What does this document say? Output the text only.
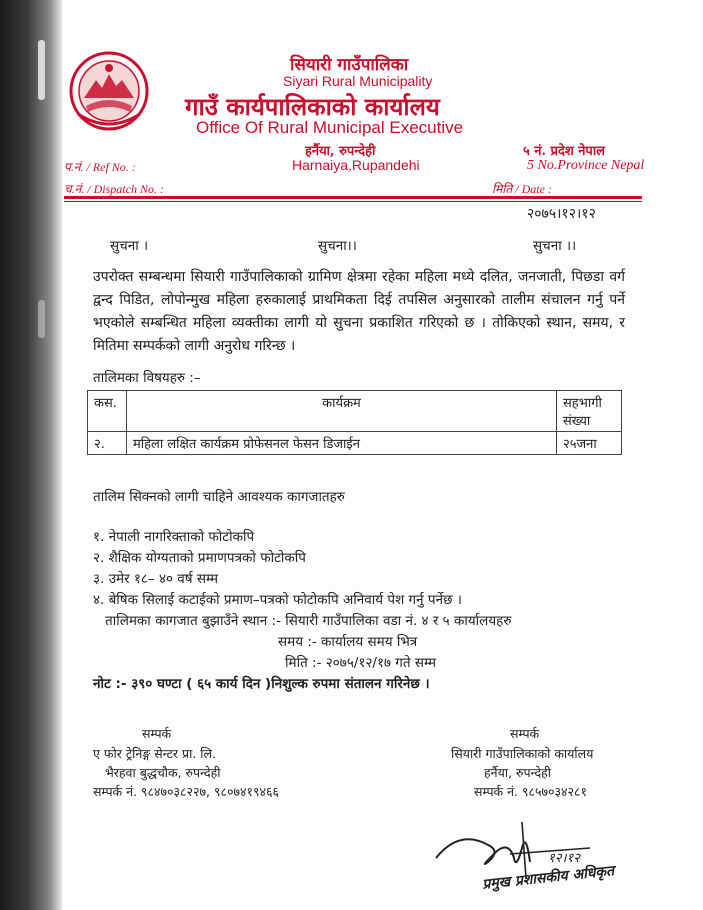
सियारी गाउँपालिका
Siyari Rural Municipality
गाउँ कार्यपालिकाको कार्यालय
Office Of Rural Municipal Executive
हर्नैया, रुपन्देही	५ नं. प्रदेश नेपाल
Harnaiya,Rupandehi	5 No.Province Nepal
प.नं. / Ref No. :
च.नं. / Dispatch No. :	मिति / Date :
२०७५।१२।१२
सुचना ।	सुचना।।	सुचना ।।
उपरोक्त सम्बन्धमा सियारी गाउँपालिकाको ग्रामिण क्षेत्रमा रहेका महिला मध्ये दलित, जनजाती, पिछडा वर्ग द्वन्द पिडित, लोपोन्मुख महिला हरुकालाई प्राथमिकता दिई तपसिल अनुसारको तालीम संचालन गर्नु पर्ने भएकोले सम्बन्धित महिला व्यक्तीका लागी यो सुचना प्रकाशित गरिएको छ । तोकिएको स्थान, समय, र मितिमा सम्पर्कको लागी अनुरोध गरिन्छ ।
तालिमका विषयहरु :–
कस.	कार्यक्रम	सहभागी संख्या
२.	महिला लक्षित कार्यक्रम प्रोफेसनल फेसन डिजाईन	२५जना
तालिम सिक्नको लागी चाहिने आवश्यक कागजातहरु
१. नेपाली नागरिक्ताको फोटोकपि
२. शैक्षिक योग्यताको प्रमाणपत्रको फोटोकपि
३. उमेर १८– ४० वर्ष सम्म
४. बेषिक सिलाई कटाईको प्रमाण–पत्रको फोटोकपि अनिवार्य पेश गर्नु पर्नेछ ।
तालिमका कागजात बुझाउँने स्थान :- सियारी गाउँपालिका वडा नं. ४ र ५ कार्यालयहरु
समय :- कार्यालय समय भित्र
मिति :- २०७५/१२/१७ गते सम्म
नोट :- ३९० घण्टा ( ६५ कार्य दिन )निशुल्क रुपमा संतालन गरिनेछ ।
सम्पर्क
ए फोर ट्रेनिङ्ग सेन्टर प्रा. लि.
भैरहवा बुद्धचौक, रुपन्देही
सम्पर्क नं. ९८४७०३८२२७, ९८०७४१९४६६
सम्पर्क
सियारी गाउँपालिकाको कार्यालय
हर्नैया, रुपन्देही
सम्पर्क नं. ९८५७०३४२८१
१२।१२
प्रमुख प्रशासकीय अधिकृत
